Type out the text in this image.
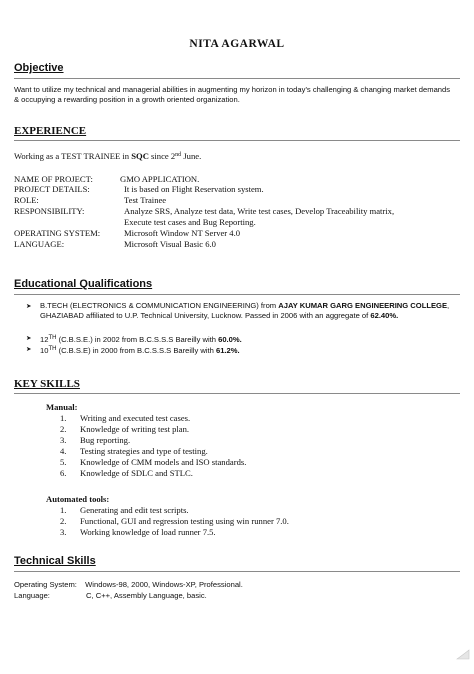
NITA AGARWAL
Objective
Want to utilize my technical and managerial abilities in augmenting my horizon in today’s challenging & changing market demands & occupying a rewarding position in a growth oriented organization.
EXPERIENCE
Working as a TEST TRAINEE in SQC since 2nd June.
NAME OF PROJECT:	GMO APPLICATION.
PROJECT DETAILS:	It is based on Flight Reservation system.
ROLE:	Test Trainee
RESPONSIBILITY:	Analyze SRS, Analyze test data, Write test cases, Develop Traceability matrix,
Execute test cases and Bug Reporting.
OPERATING SYSTEM:	Microsoft Window NT Server 4.0
LANGUAGE:	Microsoft Visual Basic 6.0
Educational Qualifications
➤	B.TECH (ELECTRONICS & COMMUNICATION ENGINEERING) from AJAY KUMAR GARG ENGINEERING COLLEGE, GHAZIABAD affiliated to U.P. Technical University, Lucknow. Passed in 2006 with an aggregate of 62.40%.
➤	12TH (C.B.S.E.) in 2002 from B.C.S.S.S Bareilly with 60.0%.
➤	10TH (C.B.S.E) in 2000 from B.C.S.S.S Bareilly with 61.2%.
KEY SKILLS
Manual:
1.	Writing and executed test cases.
2.	Knowledge of writing test plan.
3.	Bug reporting.
4.	Testing strategies and type of testing.
5.	Knowledge of CMM models and ISO standards.
6.	Knowledge of SDLC and STLC.
Automated tools:
1.	Generating and edit test scripts.
2.	Functional, GUI and regression testing using win runner 7.0.
3.	Working knowledge of load runner 7.5.
Technical Skills
Operating System: Windows-98, 2000, Windows-XP, Professional.
Language:	C, C++, Assembly Language, basic.
